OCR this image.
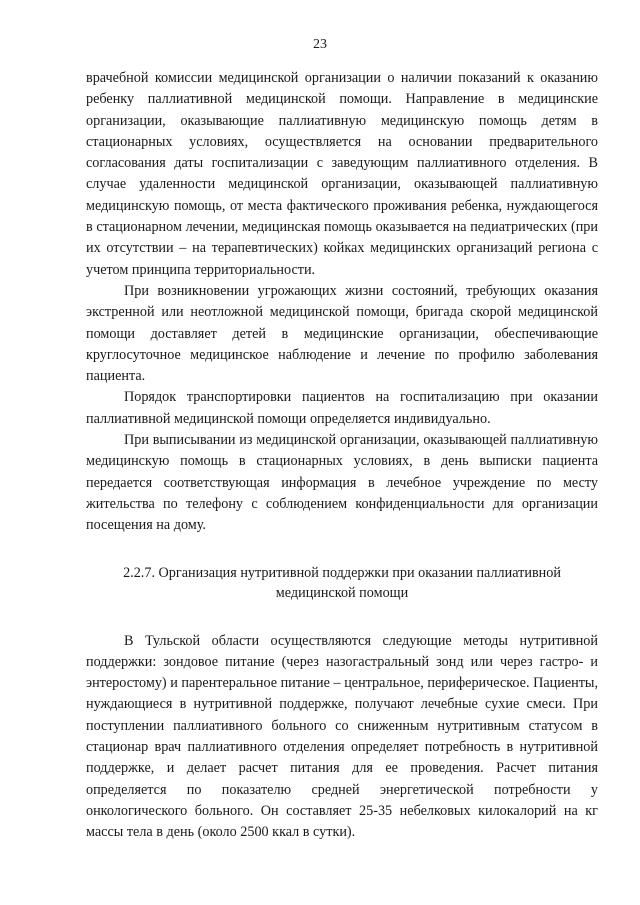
23

врачебной комиссии медицинской организации о наличии показаний к оказанию ребенку паллиативной медицинской помощи. Направление в медицинские организации, оказывающие паллиативную медицинскую помощь детям в стационарных условиях, осуществляется на основании предварительного согласования даты госпитализации с заведующим паллиативного отделения. В случае удаленности медицинской организации, оказывающей паллиативную медицинскую помощь, от места фактического проживания ребенка, нуждающегося в стационарном лечении, медицинская помощь оказывается на педиатрических (при их отсутствии – на терапевтических) койках медицинских организаций региона с учетом принципа территориальности.

При возникновении угрожающих жизни состояний, требующих оказания экстренной или неотложной медицинской помощи, бригада скорой медицинской помощи доставляет детей в медицинские организации, обеспечивающие круглосуточное медицинское наблюдение и лечение по профилю заболевания пациента.

Порядок транспортировки пациентов на госпитализацию при оказании паллиативной медицинской помощи определяется индивидуально.

При выписывании из медицинской организации, оказывающей паллиативную медицинскую помощь в стационарных условиях, в день выписки пациента передается соответствующая информация в лечебное учреждение по месту жительства по телефону с соблюдением конфиденциальности для организации посещения на дому.

2.2.7. Организация нутритивной поддержки при оказании паллиативной
медицинской помощи

В Тульской области осуществляются следующие методы нутритивной поддержки: зондовое питание (через назогастральный зонд или через гастро- и энтеростому) и парентеральное питание – центральное, периферическое. Пациенты, нуждающиеся в нутритивной поддержке, получают лечебные сухие смеси. При поступлении паллиативного больного со сниженным нутритивным статусом в стационар врач паллиативного отделения определяет потребность в нутритивной поддержке, и делает расчет питания для ее проведения. Расчет питания определяется по показателю средней энергетической потребности у онкологического больного. Он составляет 25-35 небелковых килокалорий на кг массы тела в день (около 2500 ккал в сутки).
